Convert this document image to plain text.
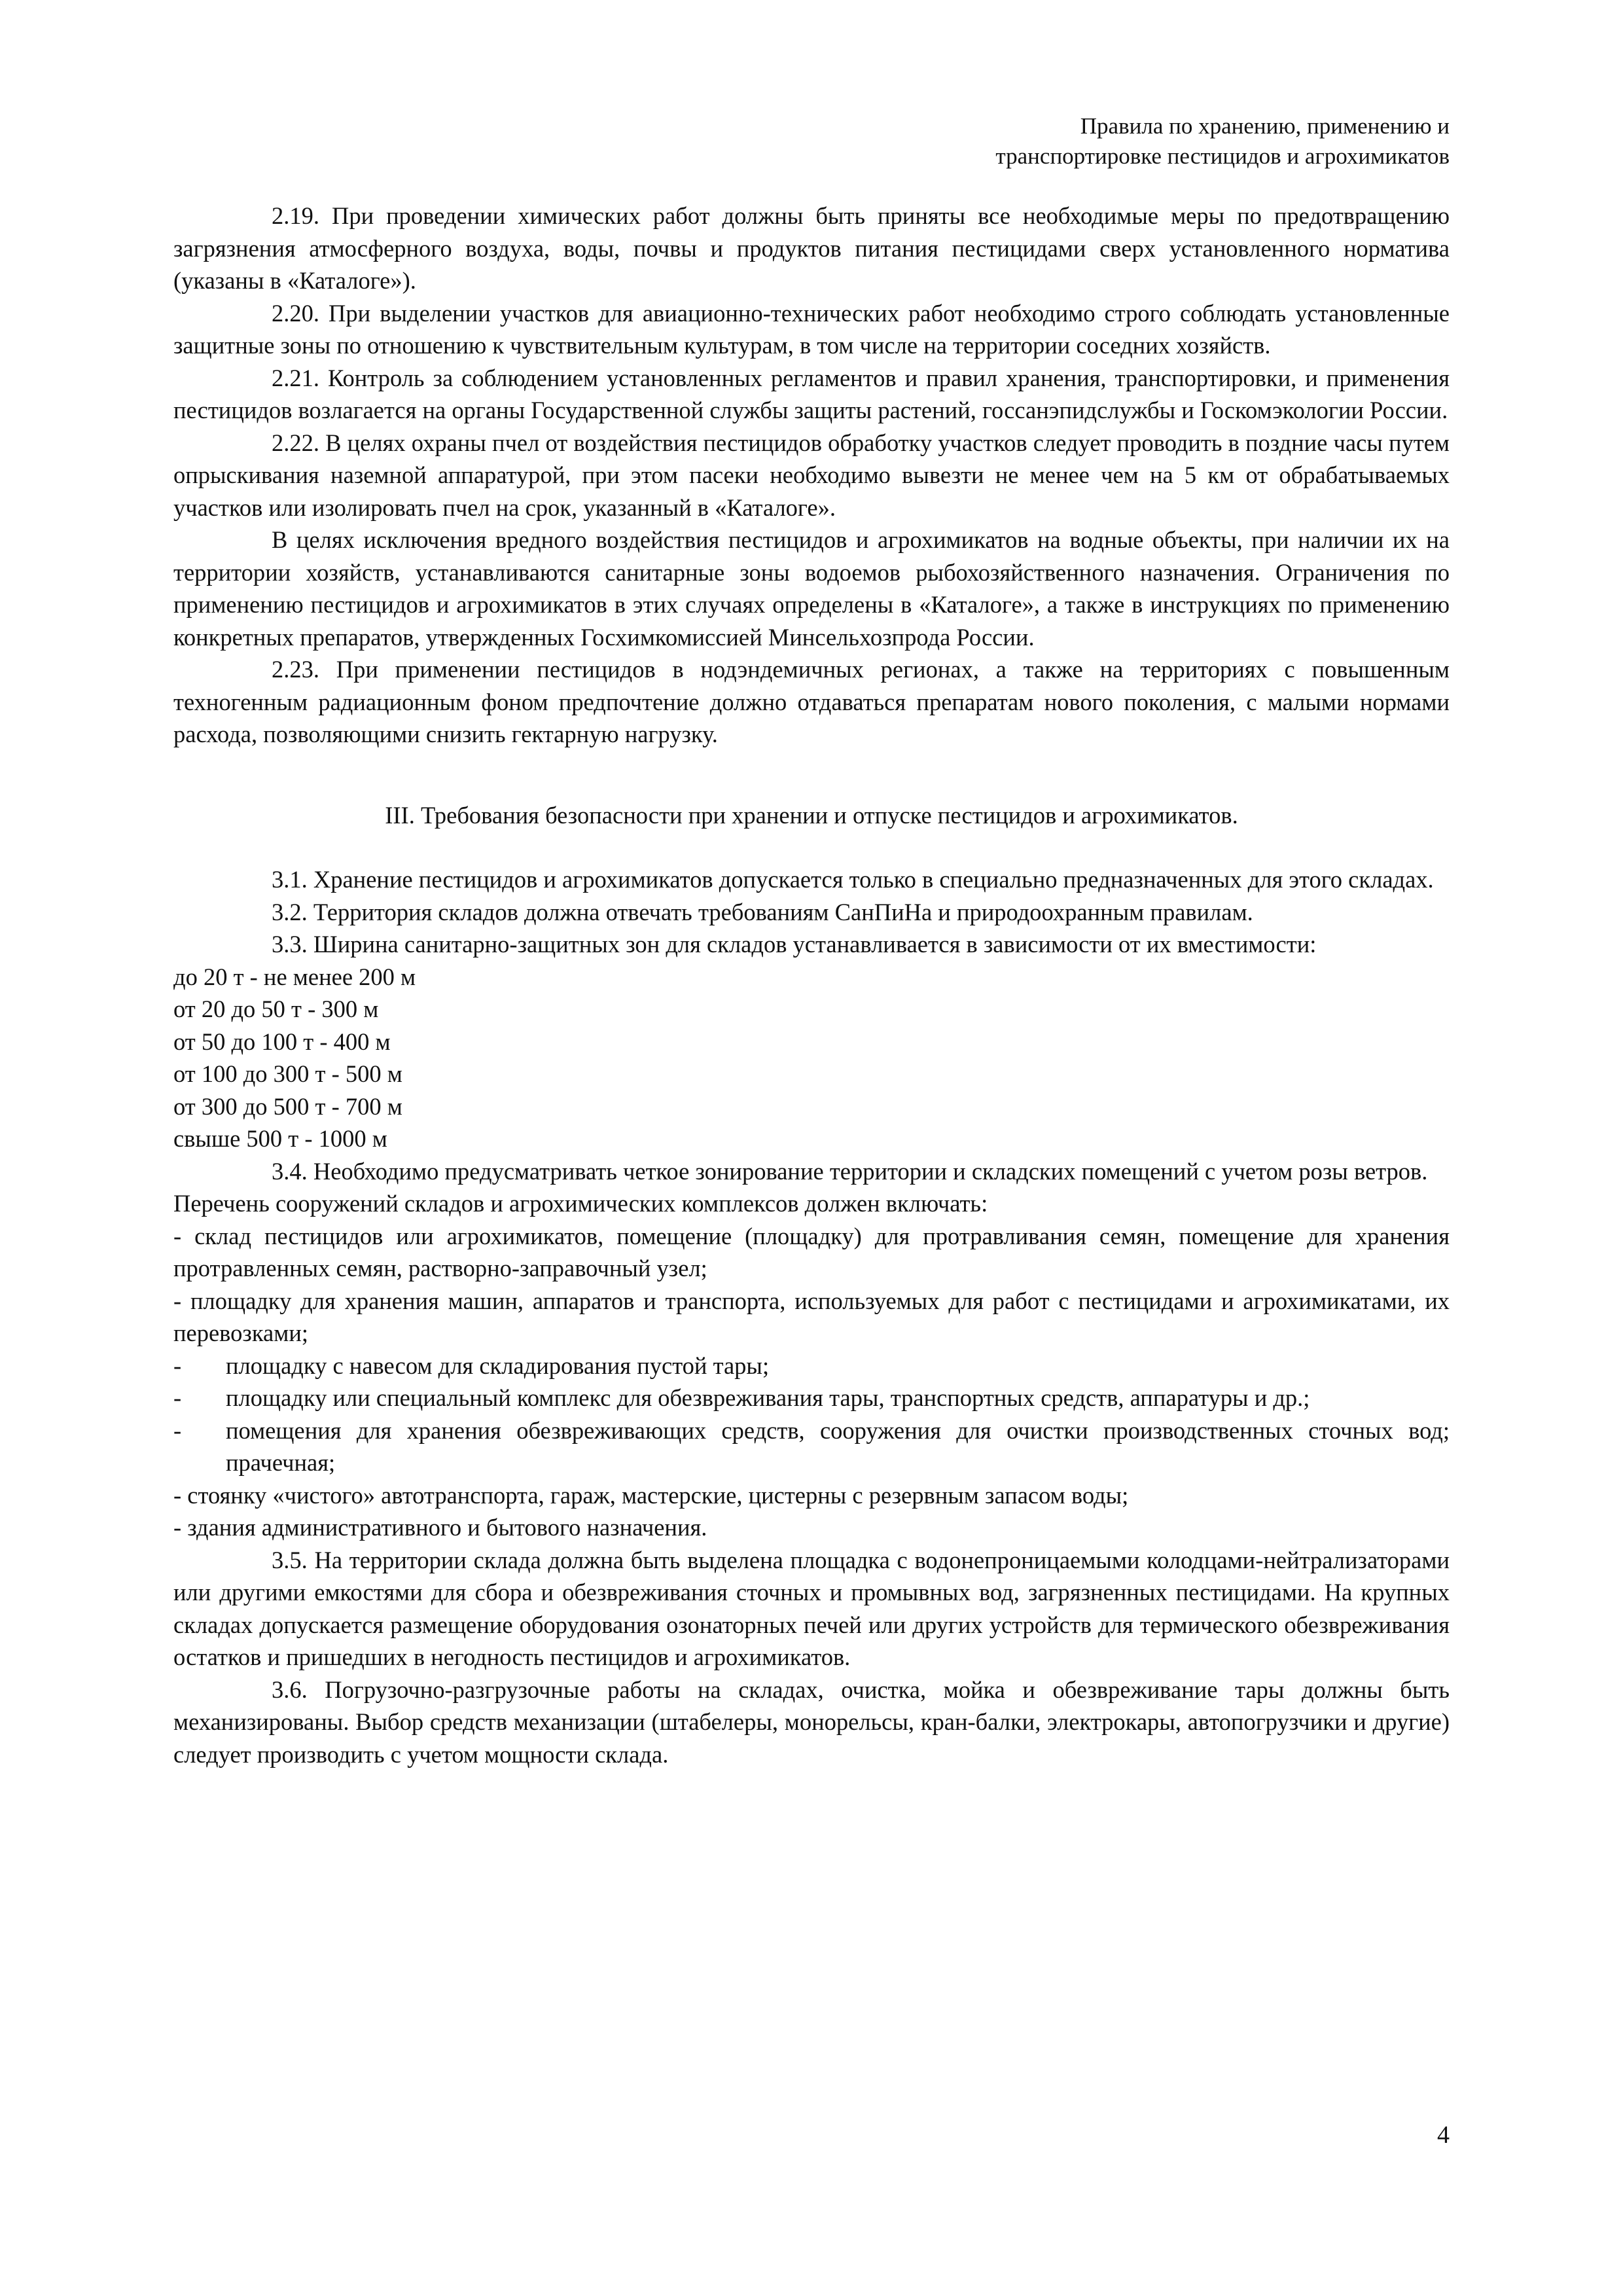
Правила по хранению, применению и
транспортировке пестицидов и агрохимикатов

2.19. При проведении химических работ должны быть приняты все необходимые меры по предотвращению загрязнения атмосферного воздуха, воды, почвы и продуктов питания пестицидами сверх установленного норматива (указаны в «Каталоге»).

2.20. При выделении участков для авиационно-технических работ необходимо строго соблюдать установленные защитные зоны по отношению к чувствительным культурам, в том числе на территории соседних хозяйств.

2.21. Контроль за соблюдением установленных регламентов и правил хранения, транспортировки, и применения пестицидов возлагается на органы Государственной службы защиты растений, госсанэпидслужбы и Госкомэкологии России.

2.22. В целях охраны пчел от воздействия пестицидов обработку участков следует проводить в поздние часы путем опрыскивания наземной аппаратурой, при этом пасеки необходимо вывезти не менее чем на 5 км от обрабатываемых участков или изолировать пчел на срок, указанный в «Каталоге».

В целях исключения вредного воздействия пестицидов и агрохимикатов на водные объекты, при наличии их на территории хозяйств, устанавливаются санитарные зоны водоемов рыбохозяйственного назначения. Ограничения по применению пестицидов и агрохимикатов в этих случаях определены в «Каталоге», а также в инструкциях по применению конкретных препаратов, утвержденных Госхимкомиссией Минсельхозпрода России.

2.23. При применении пестицидов в нодэндемичных регионах, а также на территориях с повышенным техногенным радиационным фоном предпочтение должно отдаваться препаратам нового поколения, с малыми нормами расхода, позволяющими снизить гектарную нагрузку.

III. Требования безопасности при хранении и отпуске пестицидов и агрохимикатов.

3.1. Хранение пестицидов и агрохимикатов допускается только в специально предназначенных для этого складах.

3.2. Территория складов должна отвечать требованиям СанПиНа и природоохранным правилам.

3.3. Ширина санитарно-защитных зон для складов устанавливается в зависимости от их вместимости:

до 20 т - не менее 200 м
от 20 до 50 т - 300 м
от 50 до 100 т - 400 м
от 100 до 300 т - 500 м
от 300 до 500 т - 700 м
свыше 500 т - 1000 м

3.4. Необходимо предусматривать четкое зонирование территории и складских помещений с учетом розы ветров.

Перечень сооружений складов и агрохимических комплексов должен включать:

- склад пестицидов или агрохимикатов, помещение (площадку) для протравливания семян, помещение для хранения протравленных семян, растворно-заправочный узел;
- площадку для хранения машин, аппаратов и транспорта, используемых для работ с пестицидами и агрохимикатами, их перевозками;
- площадку с навесом для складирования пустой тары;
- площадку или специальный комплекс для обезвреживания тары, транспортных средств, аппаратуры и др.;
- помещения для хранения обезвреживающих средств, сооружения для очистки производственных сточных вод; прачечная;
- стоянку «чистого» автотранспорта, гараж, мастерские, цистерны с резервным запасом воды;
- здания административного и бытового назначения.

3.5. На территории склада должна быть выделена площадка с водонепроницаемыми колодцами-нейтрализаторами или другими емкостями для сбора и обезвреживания сточных и промывных вод, загрязненных пестицидами. На крупных складах допускается размещение оборудования озонаторных печей или других устройств для термического обезвреживания остатков и пришедших в негодность пестицидов и агрохимикатов.

3.6. Погрузочно-разгрузочные работы на складах, очистка, мойка и обезвреживание тары должны быть механизированы. Выбор средств механизации (штабелеры, монорельсы, кран-балки, электрокары, автопогрузчики и другие) следует производить с учетом мощности склада.

4
